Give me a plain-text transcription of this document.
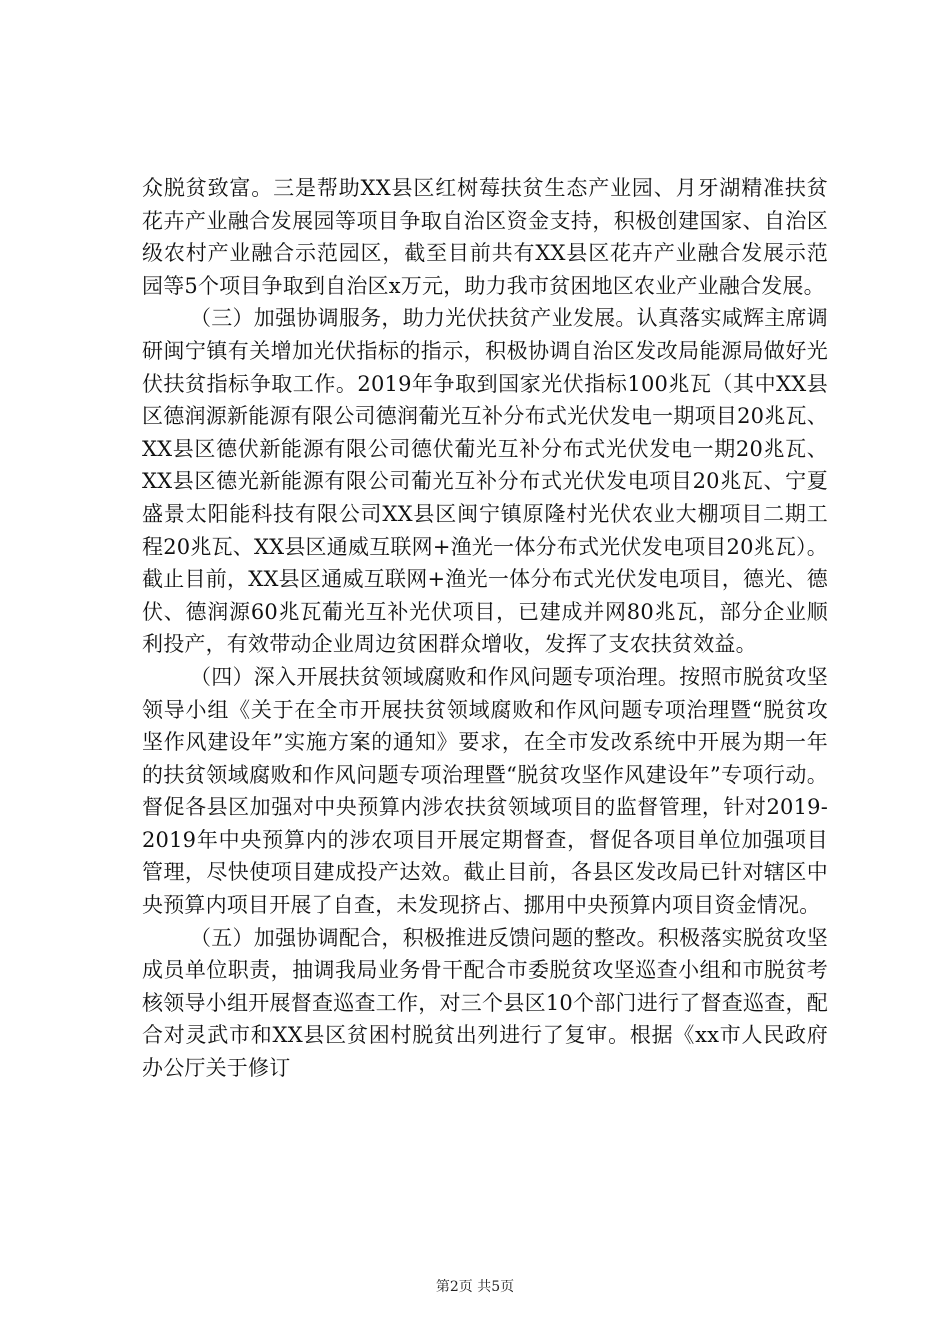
众脱贫致富。三是帮助XX县区红树莓扶贫生态产业园、月牙湖精准扶贫花卉产业融合发展园等项目争取自治区资金支持，积极创建国家、自治区级农村产业融合示范园区，截至目前共有XX县区花卉产业融合发展示范园等5个项目争取到自治区x万元，助力我市贫困地区农业产业融合发展。

（三）加强协调服务，助力光伏扶贫产业发展。认真落实咸辉主席调研闽宁镇有关增加光伏指标的指示，积极协调自治区发改局能源局做好光伏扶贫指标争取工作。2019年争取到国家光伏指标100兆瓦（其中XX县区德润源新能源有限公司德润葡光互补分布式光伏发电一期项目20兆瓦、XX县区德伏新能源有限公司德伏葡光互补分布式光伏发电一期20兆瓦、XX县区德光新能源有限公司葡光互补分布式光伏发电项目20兆瓦、宁夏盛景太阳能科技有限公司XX县区闽宁镇原隆村光伏农业大棚项目二期工程20兆瓦、XX县区通威互联网+渔光一体分布式光伏发电项目20兆瓦）。截止目前，XX县区通威互联网+渔光一体分布式光伏发电项目，德光、德伏、德润源60兆瓦葡光互补光伏项目，已建成并网80兆瓦，部分企业顺利投产，有效带动企业周边贫困群众增收，发挥了支农扶贫效益。

（四）深入开展扶贫领域腐败和作风问题专项治理。按照市脱贫攻坚领导小组《关于在全市开展扶贫领域腐败和作风问题专项治理暨“脱贫攻坚作风建设年”实施方案的通知》要求，在全市发改系统中开展为期一年的扶贫领域腐败和作风问题专项治理暨“脱贫攻坚作风建设年”专项行动。督促各县区加强对中央预算内涉农扶贫领域项目的监督管理，针对2019-2019年中央预算内的涉农项目开展定期督查，督促各项目单位加强项目管理，尽快使项目建成投产达效。截止目前，各县区发改局已针对辖区中央预算内项目开展了自查，未发现挤占、挪用中央预算内项目资金情况。

（五）加强协调配合，积极推进反馈问题的整改。积极落实脱贫攻坚成员单位职责，抽调我局业务骨干配合市委脱贫攻坚巡查小组和市脱贫考核领导小组开展督查巡查工作，对三个县区10个部门进行了督查巡查，配合对灵武市和XX县区贫困村脱贫出列进行了复审。根据《xx市人民政府办公厅关于修订

第2页 共5页
